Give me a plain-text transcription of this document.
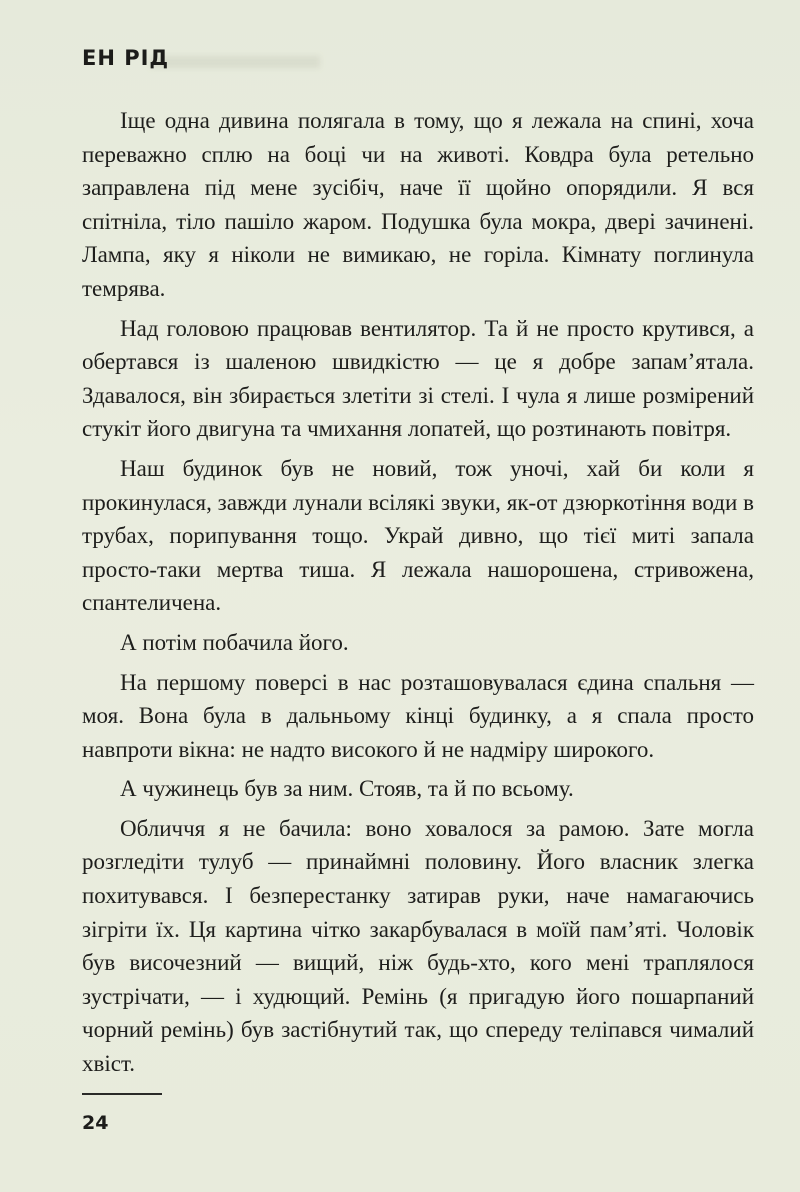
ЕН РІД

Іще одна дивина полягала в тому, що я лежала на спині, хоча переважно сплю на боці чи на животі. Ковдра була ретельно заправлена під мене зусібіч, наче її щойно опорядили. Я вся спітніла, тіло пашіло жаром. Подушка була мокра, двері зачинені. Лампа, яку я ніколи не вимикаю, не горіла. Кімнату поглинула темрява.

Над головою працював вентилятор. Та й не просто крутився, а обертався із шаленою швидкістю — це я добре запам’ятала. Здавалося, він збирається злетіти зі стелі. І чула я лише розмірений стукіт його двигуна та чмихання лопатей, що розтинають повітря.

Наш будинок був не новий, тож уночі, хай би коли я прокинулася, завжди лунали всілякі звуки, як-от дзюркотіння води в трубах, порипування тощо. Украй дивно, що тієї миті запала просто-таки мертва тиша. Я лежала нашорошена, стривожена, спантеличена.

А потім побачила його.

На першому поверсі в нас розташовувалася єдина спальня — моя. Вона була в дальньому кінці будинку, а я спала просто навпроти вікна: не надто високого й не надміру широкого.

А чужинець був за ним. Стояв, та й по всьому.

Обличчя я не бачила: воно ховалося за рамою. Зате могла розгледіти тулуб — принаймні половину. Його власник злегка похитувався. І безперестанку затирав руки, наче намагаючись зігріти їх. Ця картина чітко закарбувалася в моїй пам’яті. Чоловік був височезний — вищий, ніж будь-хто, кого мені траплялося зустрічати, — і худющий. Ремінь (я пригадую його пошарпаний чорний ремінь) був застібнутий так, що спереду теліпався чималий хвіст.

24
